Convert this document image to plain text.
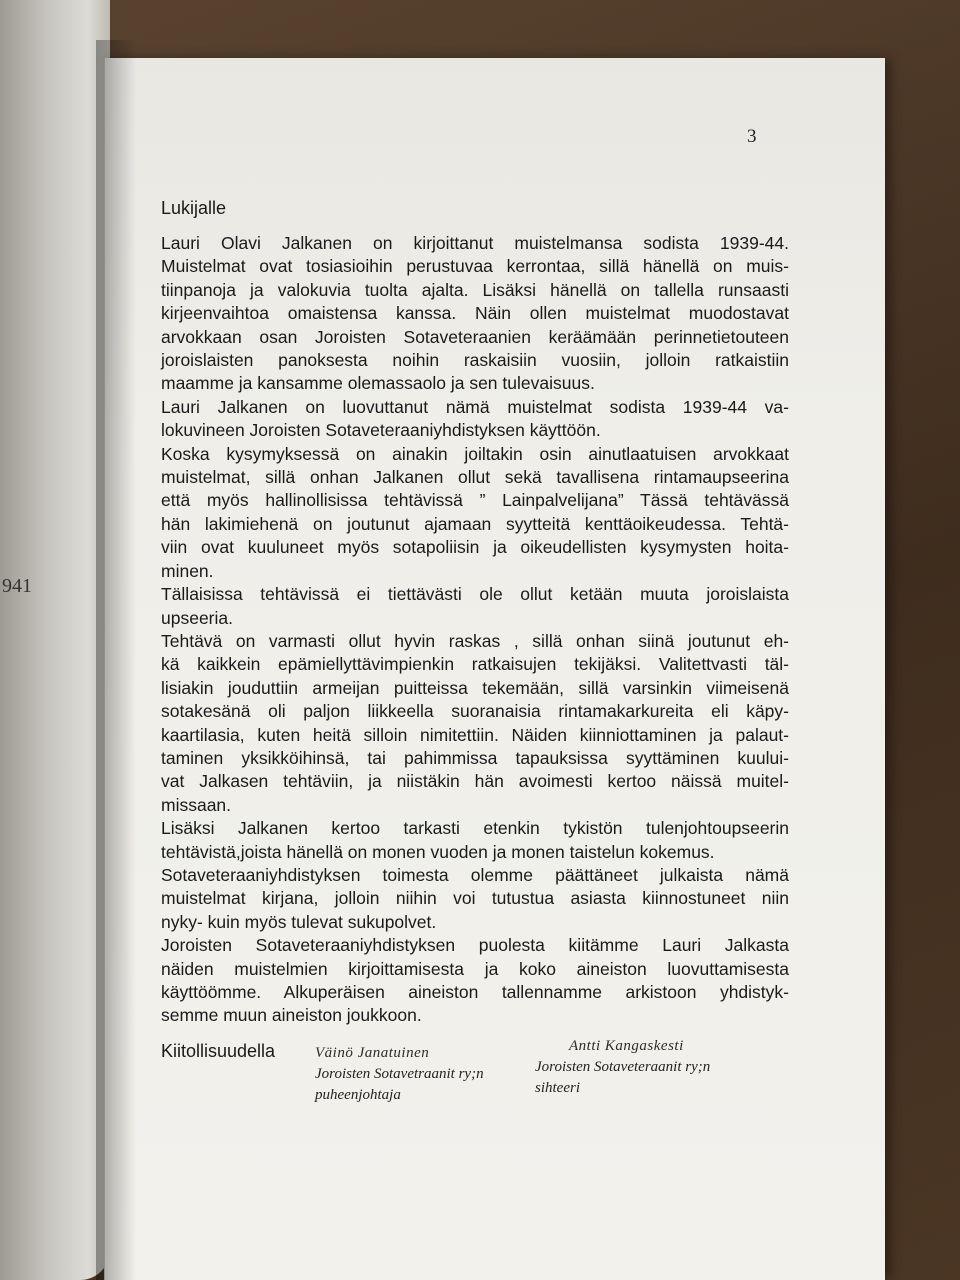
941
3
Lukijalle
Lauri Olavi Jalkanen on kirjoittanut muistelmansa sodista 1939-44.
Muistelmat ovat tosiasioihin perustuvaa kerrontaa, sillä hänellä on muis-
tiinpanoja ja valokuvia tuolta ajalta. Lisäksi hänellä on tallella runsaasti
kirjeenvaihtoa omaistensa kanssa. Näin ollen muistelmat muodostavat
arvokkaan osan Joroisten Sotaveteraanien keräämään perinnetietouteen
joroislaisten panoksesta noihin raskaisiin vuosiin, jolloin ratkaistiin
maamme ja kansamme olemassaolo ja sen tulevaisuus.
Lauri Jalkanen on luovuttanut nämä muistelmat sodista 1939-44 va-
lokuvineen Joroisten Sotaveteraaniyhdistyksen käyttöön.
Koska kysymyksessä on ainakin joiltakin osin ainutlaatuisen arvokkaat
muistelmat, sillä onhan Jalkanen ollut sekä tavallisena rintamaupseerina
että myös hallinollisissa tehtävissä ” Lainpalvelijana” Tässä tehtävässä
hän lakimiehenä on joutunut ajamaan syytteitä kenttäoikeudessa. Tehtä-
viin ovat kuuluneet myös sotapoliisin ja oikeudellisten kysymysten hoita-
minen.
Tällaisissa tehtävissä ei tiettävästi ole ollut ketään muuta joroislaista
upseeria.
Tehtävä on varmasti ollut hyvin raskas , sillä onhan siinä joutunut eh-
kä kaikkein epämiellyttävimpienkin ratkaisujen tekijäksi. Valitettvasti täl-
lisiakin jouduttiin armeijan puitteissa tekemään, sillä varsinkin viimeisenä
sotakesänä oli paljon liikkeella suoranaisia rintamakarkureita eli käpy-
kaartilasia, kuten heitä silloin nimitettiin. Näiden kiinniottaminen ja palaut-
taminen yksikköihinsä, tai pahimmissa tapauksissa syyttäminen kuului-
vat Jalkasen tehtäviin, ja niistäkin hän avoimesti kertoo näissä muitel-
missaan.
Lisäksi Jalkanen kertoo tarkasti etenkin tykistön tulenjohtoupseerin
tehtävistä,joista hänellä on monen vuoden ja monen taistelun kokemus.
Sotaveteraaniyhdistyksen toimesta olemme päättäneet julkaista nämä
muistelmat kirjana, jolloin niihin voi tutustua asiasta kiinnostuneet niin
nyky- kuin myös tulevat sukupolvet.
Joroisten Sotaveteraaniyhdistyksen puolesta kiitämme Lauri Jalkasta
näiden muistelmien kirjoittamisesta ja koko aineiston luovuttamisesta
käyttöömme. Alkuperäisen aineiston tallennamme arkistoon yhdistyk-
semme muun aineiston joukkoon.
Kiitollisuudella	Väinö Janatuinen
Joroisten Sotavetraanit ry;n
puheenjohtaja
Antti Kangaskesti
Joroisten Sotaveteraanit ry;n
sihteeri
